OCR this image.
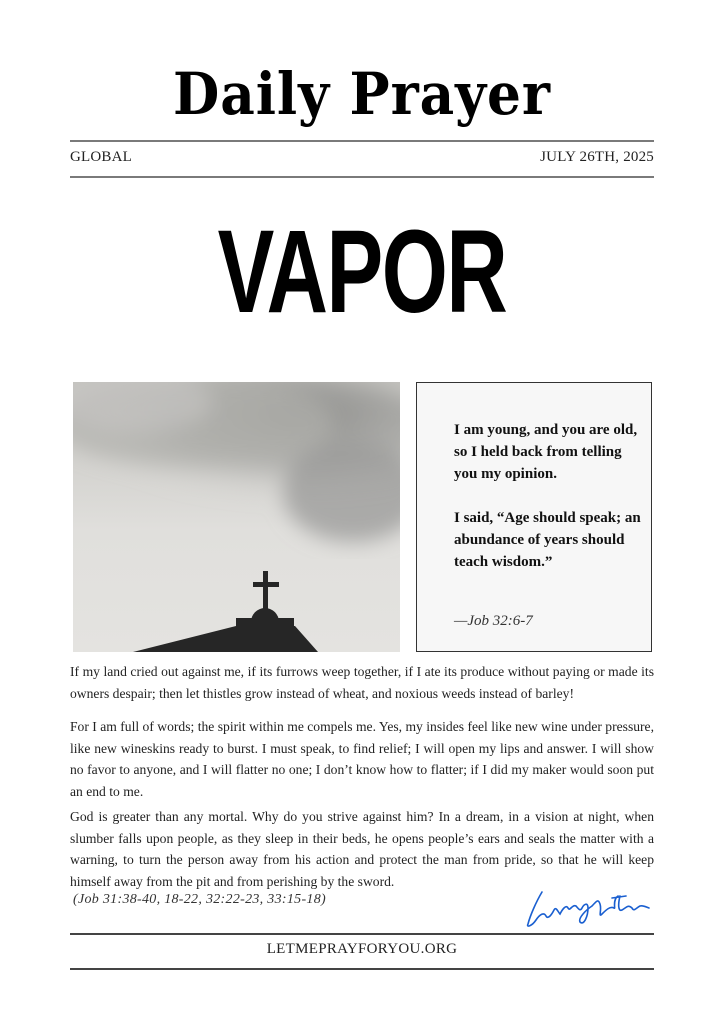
Daily Prayer
GLOBAL	JULY 26TH, 2025
VAPOR

I am young, and you are old, so I held back from telling you my opinion.

I said, “Age should speak; an abundance of years should teach wisdom.”

—Job 32:6-7

If my land cried out against me, if its furrows weep together, if I ate its produce without paying or made its owners despair; then let thistles grow instead of wheat, and noxious weeds instead of barley!

For I am full of words; the spirit within me compels me. Yes, my insides feel like new wine under pressure, like new wineskins ready to burst. I must speak, to find relief; I will open my lips and answer. I will show no favor to anyone, and I will flatter no one; I don’t know how to flatter; if I did my maker would soon put an end to me.

God is greater than any mortal. Why do you strive against him? In a dream, in a vision at night, when slumber falls upon people, as they sleep in their beds, he opens people’s ears and seals the matter with a warning, to turn the person away from his action and protect the man from pride, so that he will keep himself away from the pit and from perishing by the sword.

(Job 31:38-40, 18-22, 32:22-23, 33:15-18)
LETMEPRAYFORYOU.ORG
